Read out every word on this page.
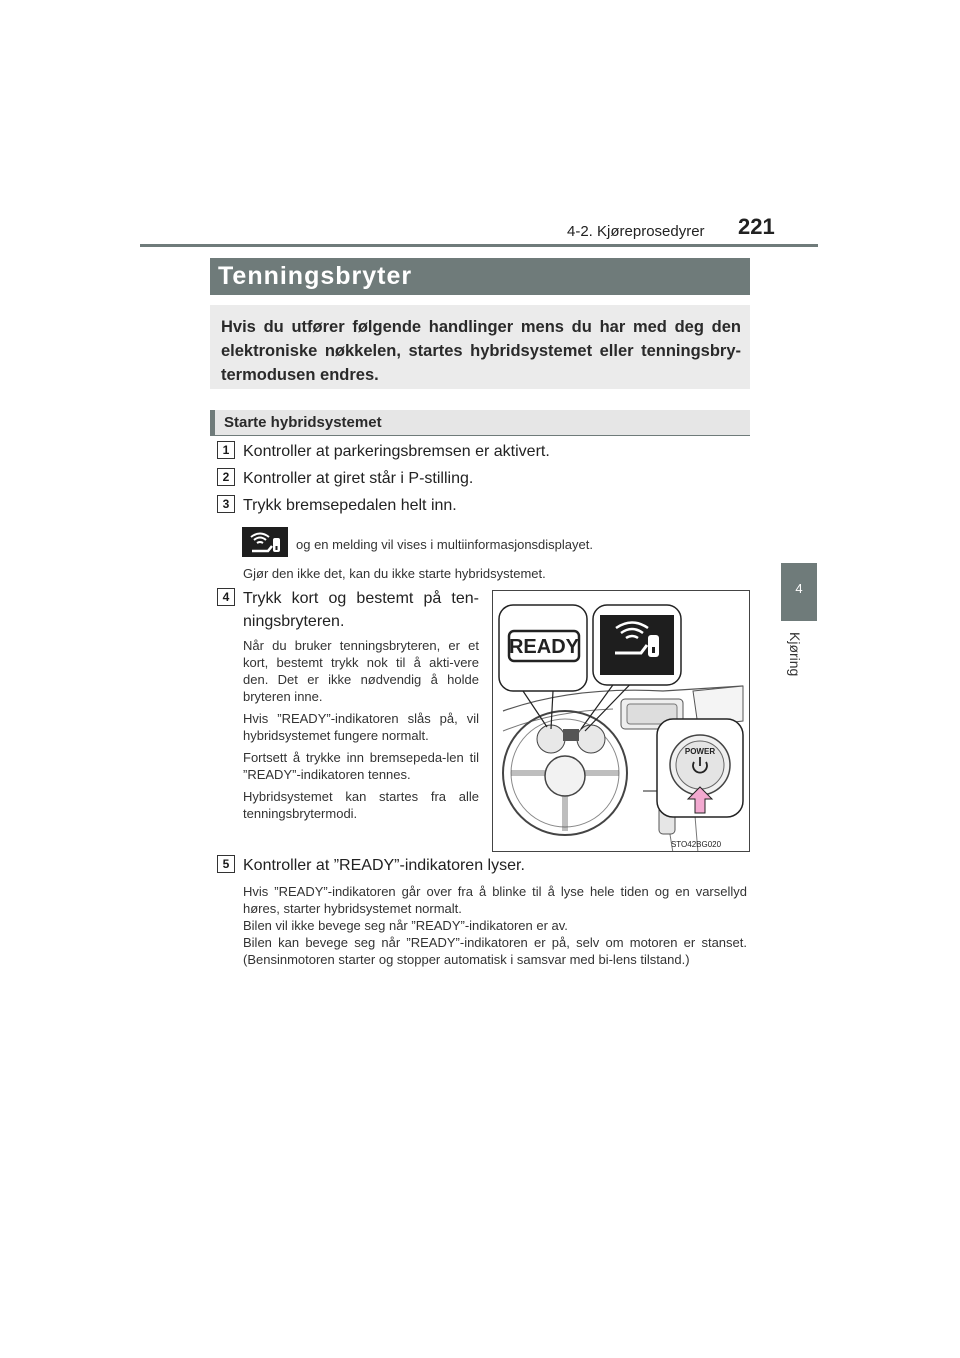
4-2. Kjøreprosedyrer 221
4
Kjøring
Tenningsbryter

Hvis du utfører følgende handlinger mens du har med deg den elektroniske nøkkelen, startes hybridsystemet eller tenningsbry-termodusen endres.

Starte hybridsystemet
1 Kontroller at parkeringsbremsen er aktivert.
2 Kontroller at giret står i P-stilling.
3 Trykk bremsepedalen helt inn.
og en melding vil vises i multiinformasjonsdisplayet.
Gjør den ikke det, kan du ikke starte hybridsystemet.
4 Trykk kort og bestemt på ten-ningsbryteren.

Når du bruker tenningsbryteren, er et kort, bestemt trykk nok til å akti-vere den. Det er ikke nødvendig å holde bryteren inne.

Hvis ”READY”-indikatoren slås på, vil hybridsystemet fungere normalt.

Fortsett å trykke inn bremsepeda-len til ”READY”-indikatoren tennes.

Hybridsystemet kan startes fra alle tenningsbrytermodi.

READY
POWER
STO42BG020
5 Kontroller at ”READY”-indikatoren lyser.
Hvis ”READY”-indikatoren går over fra å blinke til å lyse hele tiden og en varsellyd høres, starter hybridsystemet normalt.
Bilen vil ikke bevege seg når ”READY”-indikatoren er av.
Bilen kan bevege seg når ”READY”-indikatoren er på, selv om motoren er stanset. (Bensinmotoren starter og stopper automatisk i samsvar med bi-lens tilstand.)
